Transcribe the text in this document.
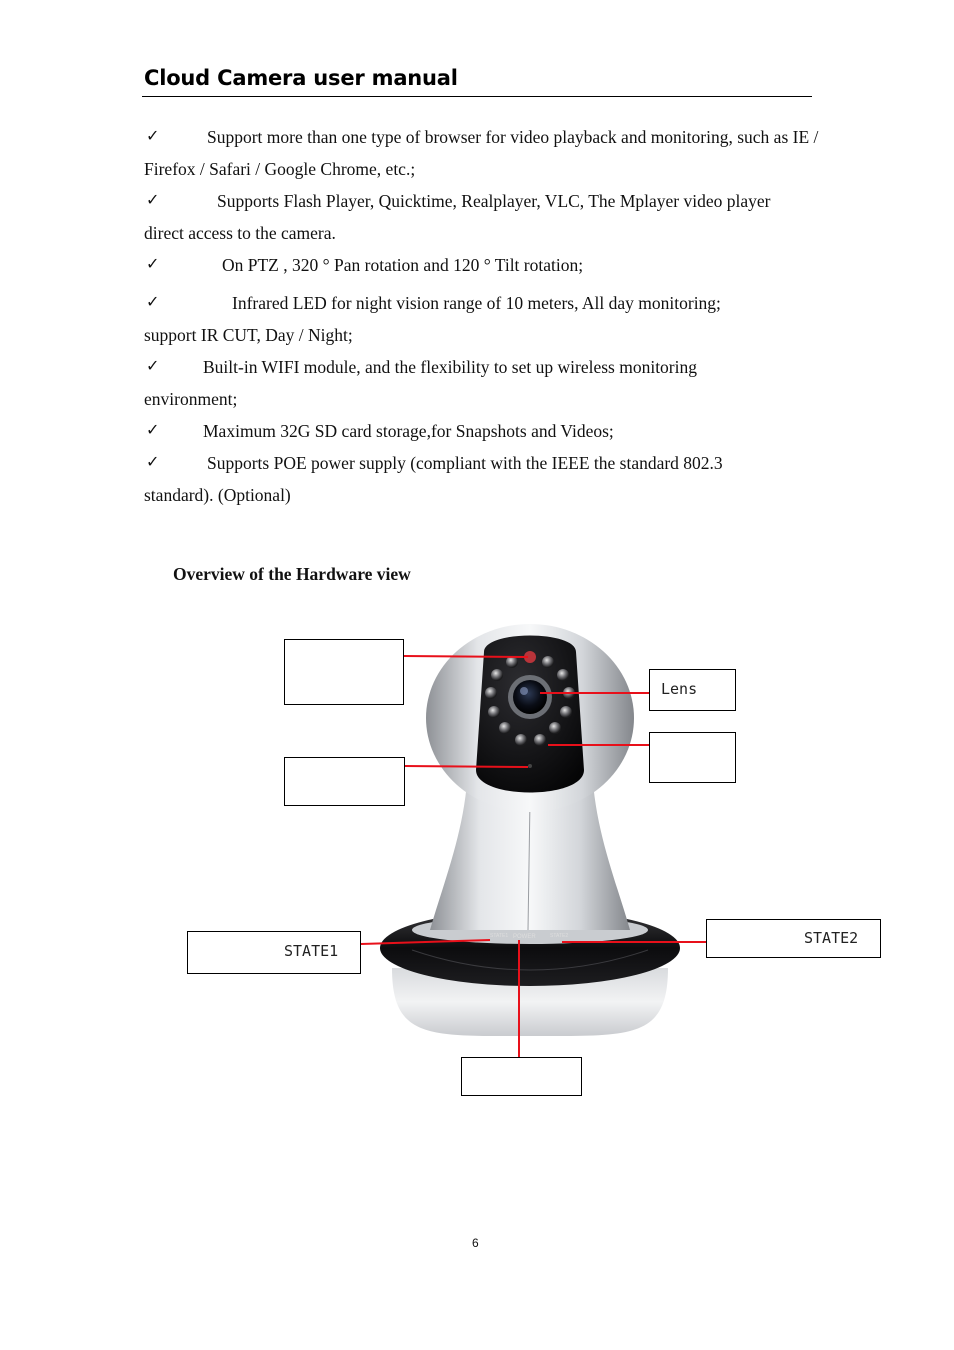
Cloud Camera user manual
✓	Support more than one type of browser for video playback and monitoring, such as IE /
Firefox / Safari / Google Chrome, etc.;
✓	Supports Flash Player, Quicktime, Realplayer, VLC, The Mplayer video player
direct access to the camera.
✓	On PTZ , 320 ° Pan rotation and 120 ° Tilt rotation;
✓	Infrared LED for night vision range of 10 meters, All day monitoring;
support IR CUT, Day / Night;
✓ Built-in WIFI module, and the flexibility to set up wireless monitoring
environment;
✓ Maximum 32G SD card storage,for Snapshots and Videos;
✓	Supports POE power supply (compliant with the IEEE the standard 802.3
standard). (Optional)
Overview of the Hardware view
STATE1 POWER	STATE2
Lens
STATE1
STATE2
6
